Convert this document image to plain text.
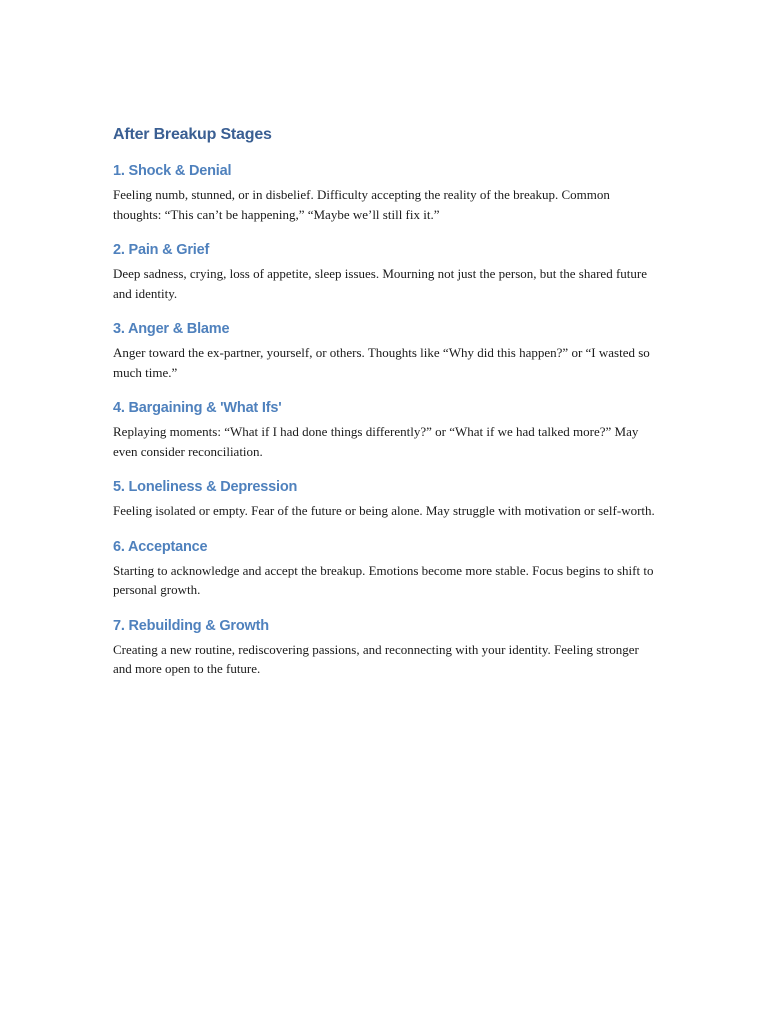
After Breakup Stages
1. Shock & Denial

Feeling numb, stunned, or in disbelief. Difficulty accepting the reality of the breakup. Common thoughts: “This can’t be happening,” “Maybe we’ll still fix it.”

2. Pain & Grief

Deep sadness, crying, loss of appetite, sleep issues. Mourning not just the person, but the shared future and identity.

3. Anger & Blame

Anger toward the ex-partner, yourself, or others. Thoughts like “Why did this happen?” or “I wasted so much time.”

4. Bargaining & 'What Ifs'

Replaying moments: “What if I had done things differently?” or “What if we had talked more?” May even consider reconciliation.

5. Loneliness & Depression

Feeling isolated or empty. Fear of the future or being alone. May struggle with motivation or self-worth.

6. Acceptance

Starting to acknowledge and accept the breakup. Emotions become more stable. Focus begins to shift to personal growth.

7. Rebuilding & Growth

Creating a new routine, rediscovering passions, and reconnecting with your identity. Feeling stronger and more open to the future.
